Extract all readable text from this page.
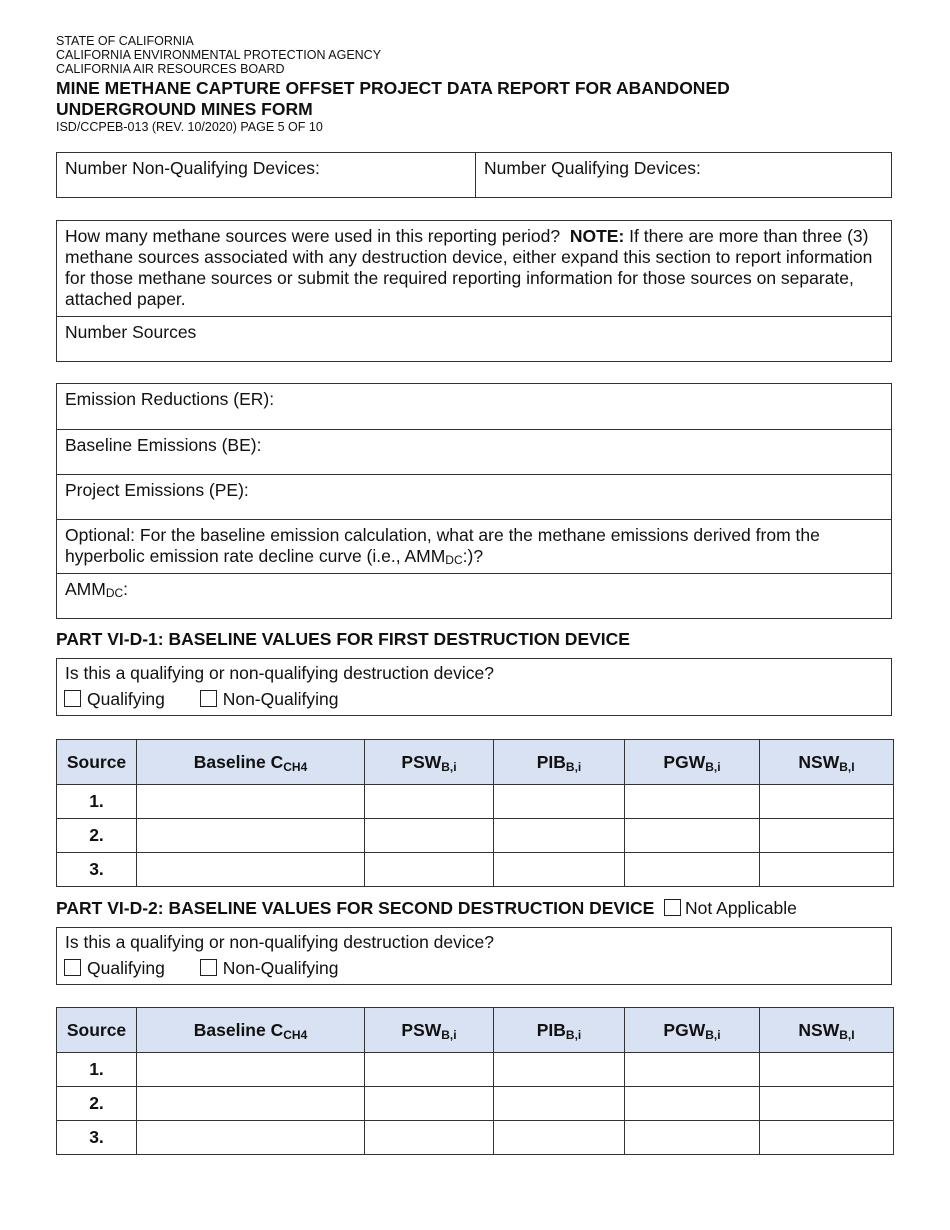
STATE OF CALIFORNIA
CALIFORNIA ENVIRONMENTAL PROTECTION AGENCY
CALIFORNIA AIR RESOURCES BOARD
MINE METHANE CAPTURE OFFSET PROJECT DATA REPORT FOR ABANDONED
UNDERGROUND MINES FORM
ISD/CCPEB-013 (REV. 10/2020) PAGE 5 OF 10
Number Non-Qualifying Devices:	Number Qualifying Devices:
How many methane sources were used in this reporting period? NOTE: If there are more than three (3) methane sources associated with any destruction device, either expand this section to report information for those methane sources or submit the required reporting information for those sources on separate, attached paper.
Number Sources
Emission Reductions (ER):
Baseline Emissions (BE):
Project Emissions (PE):
Optional: For the baseline emission calculation, what are the methane emissions derived from the hyperbolic emission rate decline curve (i.e., AMMDC:)?
AMMDC:
PART VI-D-1: BASELINE VALUES FOR FIRST DESTRUCTION DEVICE
Is this a qualifying or non-qualifying destruction device?
Qualifying	Non-Qualifying
Source	Baseline CCH4	PSWB,i	PIBB,i	PGWB,i	NSWB,I
1.					
2.					
3.					
PART VI-D-2: BASELINE VALUES FOR SECOND DESTRUCTION DEVICE Not Applicable
Is this a qualifying or non-qualifying destruction device?
Qualifying	Non-Qualifying
Source	Baseline CCH4	PSWB,i	PIBB,i	PGWB,i	NSWB,I
1.					
2.					
3.					
